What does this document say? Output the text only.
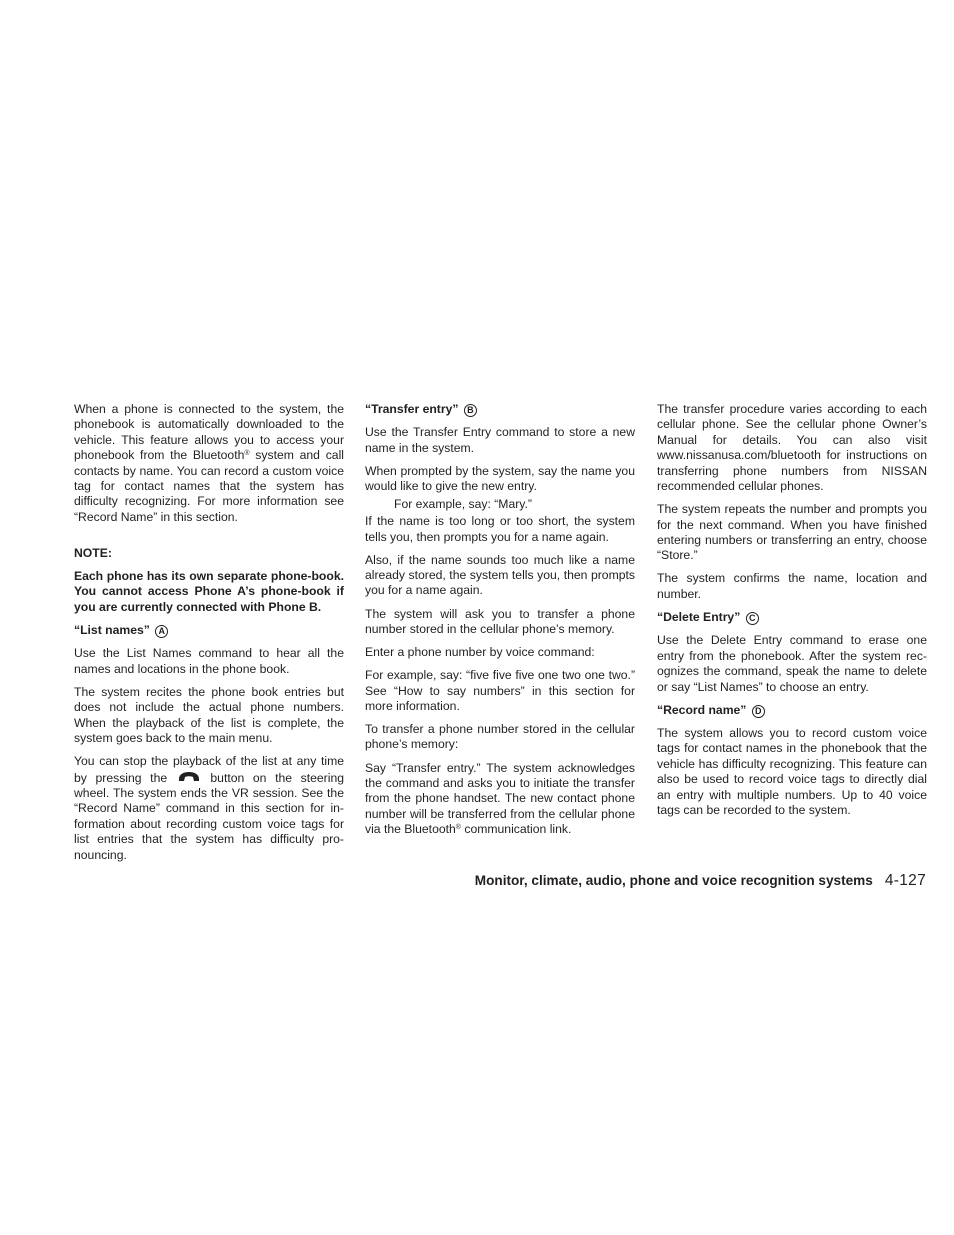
When a phone is connected to the system, the phonebook is automatically downloaded to the vehicle. This feature allows you to access your phonebook from the Bluetooth® system and call contacts by name. You can record a custom voice tag for contact names that the system has difficulty recognizing. For more information see “Record Name” in this section.

NOTE:

Each phone has its own separate phone-book. You cannot access Phone A’s phone-book if you are currently connected with Phone B.

“List names” A

Use the List Names command to hear all the names and locations in the phone book.

The system recites the phone book entries but does not include the actual phone numbers. When the playback of the list is complete, the system goes back to the main menu.

You can stop the playback of the list at any time by pressing the	button on the steering wheel. The system ends the VR session. See the “Record Name” command in this section for in-formation about recording custom voice tags for list entries that the system has difficulty pro-nouncing.

“Transfer entry” B

Use the Transfer Entry command to store a new name in the system.

When prompted by the system, say the name you would like to give the new entry.

For example, say: “Mary.”

If the name is too long or too short, the system tells you, then prompts you for a name again.

Also, if the name sounds too much like a name already stored, the system tells you, then prompts you for a name again.

The system will ask you to transfer a phone number stored in the cellular phone’s memory.

Enter a phone number by voice command:

For example, say: “five five five one two one two.” See “How to say numbers” in this section for more information.

To transfer a phone number stored in the cellular phone’s memory:

Say “Transfer entry.” The system acknowledges the command and asks you to initiate the transfer from the phone handset. The new contact phone number will be transferred from the cellular phone via the Bluetooth® communication link.

The transfer procedure varies according to each cellular phone. See the cellular phone Owner’s Manual for details. You can also visit www.nissanusa.com/bluetooth for instructions on transferring phone numbers from NISSAN recommended cellular phones.

The system repeats the number and prompts you for the next command. When you have finished entering numbers or transferring an entry, choose “Store.”

The system confirms the name, location and number.

“Delete Entry” C

Use the Delete Entry command to erase one entry from the phonebook. After the system rec-ognizes the command, speak the name to delete or say “List Names” to choose an entry.

“Record name” D

The system allows you to record custom voice tags for contact names in the phonebook that the vehicle has difficulty recognizing. This feature can also be used to record voice tags to directly dial an entry with multiple numbers. Up to 40 voice tags can be recorded to the system.

Monitor, climate, audio, phone and voice recognition systems 4-127
